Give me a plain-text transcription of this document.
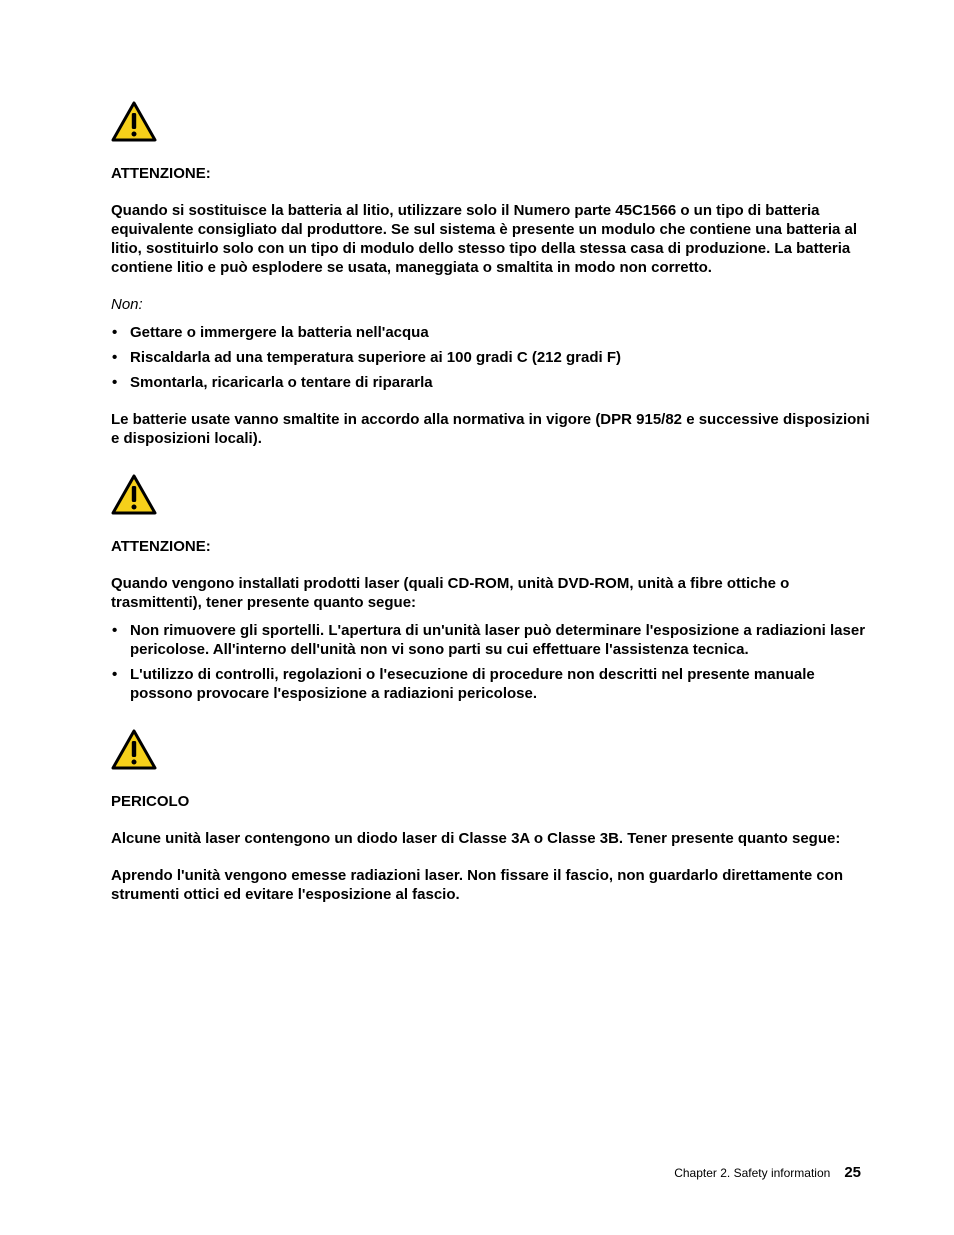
ATTENZIONE:

Quando si sostituisce la batteria al litio, utilizzare solo il Numero parte 45C1566 o un tipo di batteria equivalente consigliato dal produttore. Se sul sistema è presente un modulo che contiene una batteria al litio, sostituirlo solo con un tipo di modulo dello stesso tipo della stessa casa di produzione. La batteria contiene litio e può esplodere se usata, maneggiata o smaltita in modo non corretto.

Non:

• Gettare o immergere la batteria nell'acqua
• Riscaldarla ad una temperatura superiore ai 100 gradi C (212 gradi F)
• Smontarla, ricaricarla o tentare di ripararla

Le batterie usate vanno smaltite in accordo alla normativa in vigore (DPR 915/82 e successive disposizioni e disposizioni locali).

ATTENZIONE:

Quando vengono installati prodotti laser (quali CD-ROM, unità DVD-ROM, unità a fibre ottiche o trasmittenti), tener presente quanto segue:

• Non rimuovere gli sportelli. L'apertura di un'unità laser può determinare l'esposizione a radiazioni laser pericolose. All'interno dell'unità non vi sono parti su cui effettuare l'assistenza tecnica.
• L'utilizzo di controlli, regolazioni o l'esecuzione di procedure non descritti nel presente manuale possono provocare l'esposizione a radiazioni pericolose.

PERICOLO

Alcune unità laser contengono un diodo laser di Classe 3A o Classe 3B. Tener presente quanto segue:

Aprendo l'unità vengono emesse radiazioni laser. Non fissare il fascio, non guardarlo direttamente con strumenti ottici ed evitare l'esposizione al fascio.

Chapter 2. Safety information 25
